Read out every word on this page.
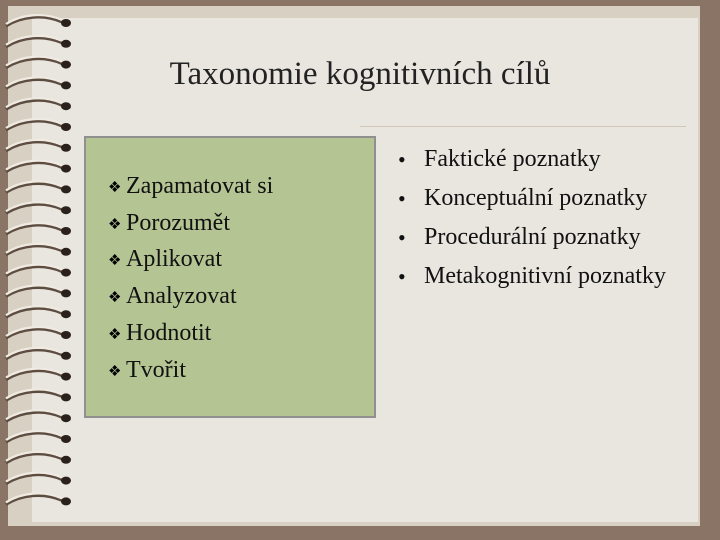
Taxonomie kognitivních cílů
❖ Zapamatovat si
❖ Porozumět
❖ Aplikovat
❖ Analyzovat
❖ Hodnotit
❖ Tvořit
• Faktické poznatky
• Konceptuální poznatky
• Procedurální poznatky
• Metakognitivní poznatky
